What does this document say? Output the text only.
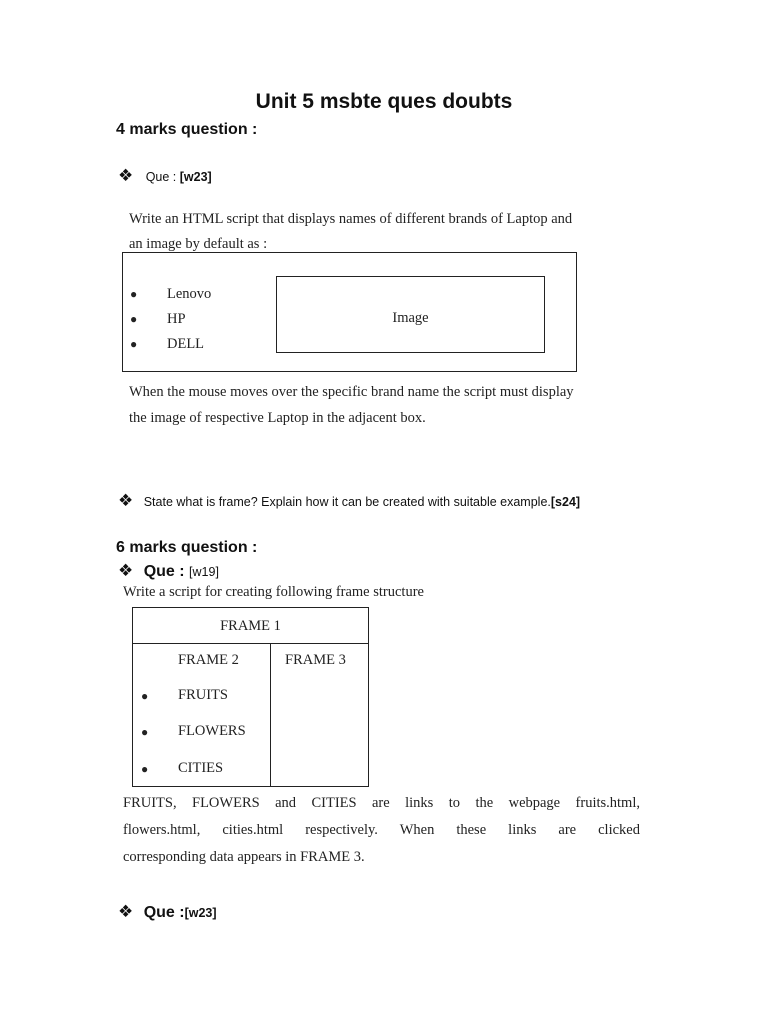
Unit 5 msbte ques doubts
4 marks question :
❖ Que : [w23]
Write an HTML script that displays names of different brands of Laptop and
an image by default as :
● Lenovo
● HP
● DELL
Image
When the mouse moves over the specific brand name the script must display
the image of respective Laptop in the adjacent box.
❖ State what is frame? Explain how it can be created with suitable example.[s24]
6 marks question :
❖ Que : [w19]
Write a script for creating following frame structure
FRAME 1
FRAME 2	FRAME 3
● FRUITS
● FLOWERS
● CITIES
FRUITS, FLOWERS and CITIES are links to the webpage fruits.html,
flowers.html, cities.html respectively. When these links are clicked
corresponding data appears in FRAME 3.
❖ Que :[w23]
